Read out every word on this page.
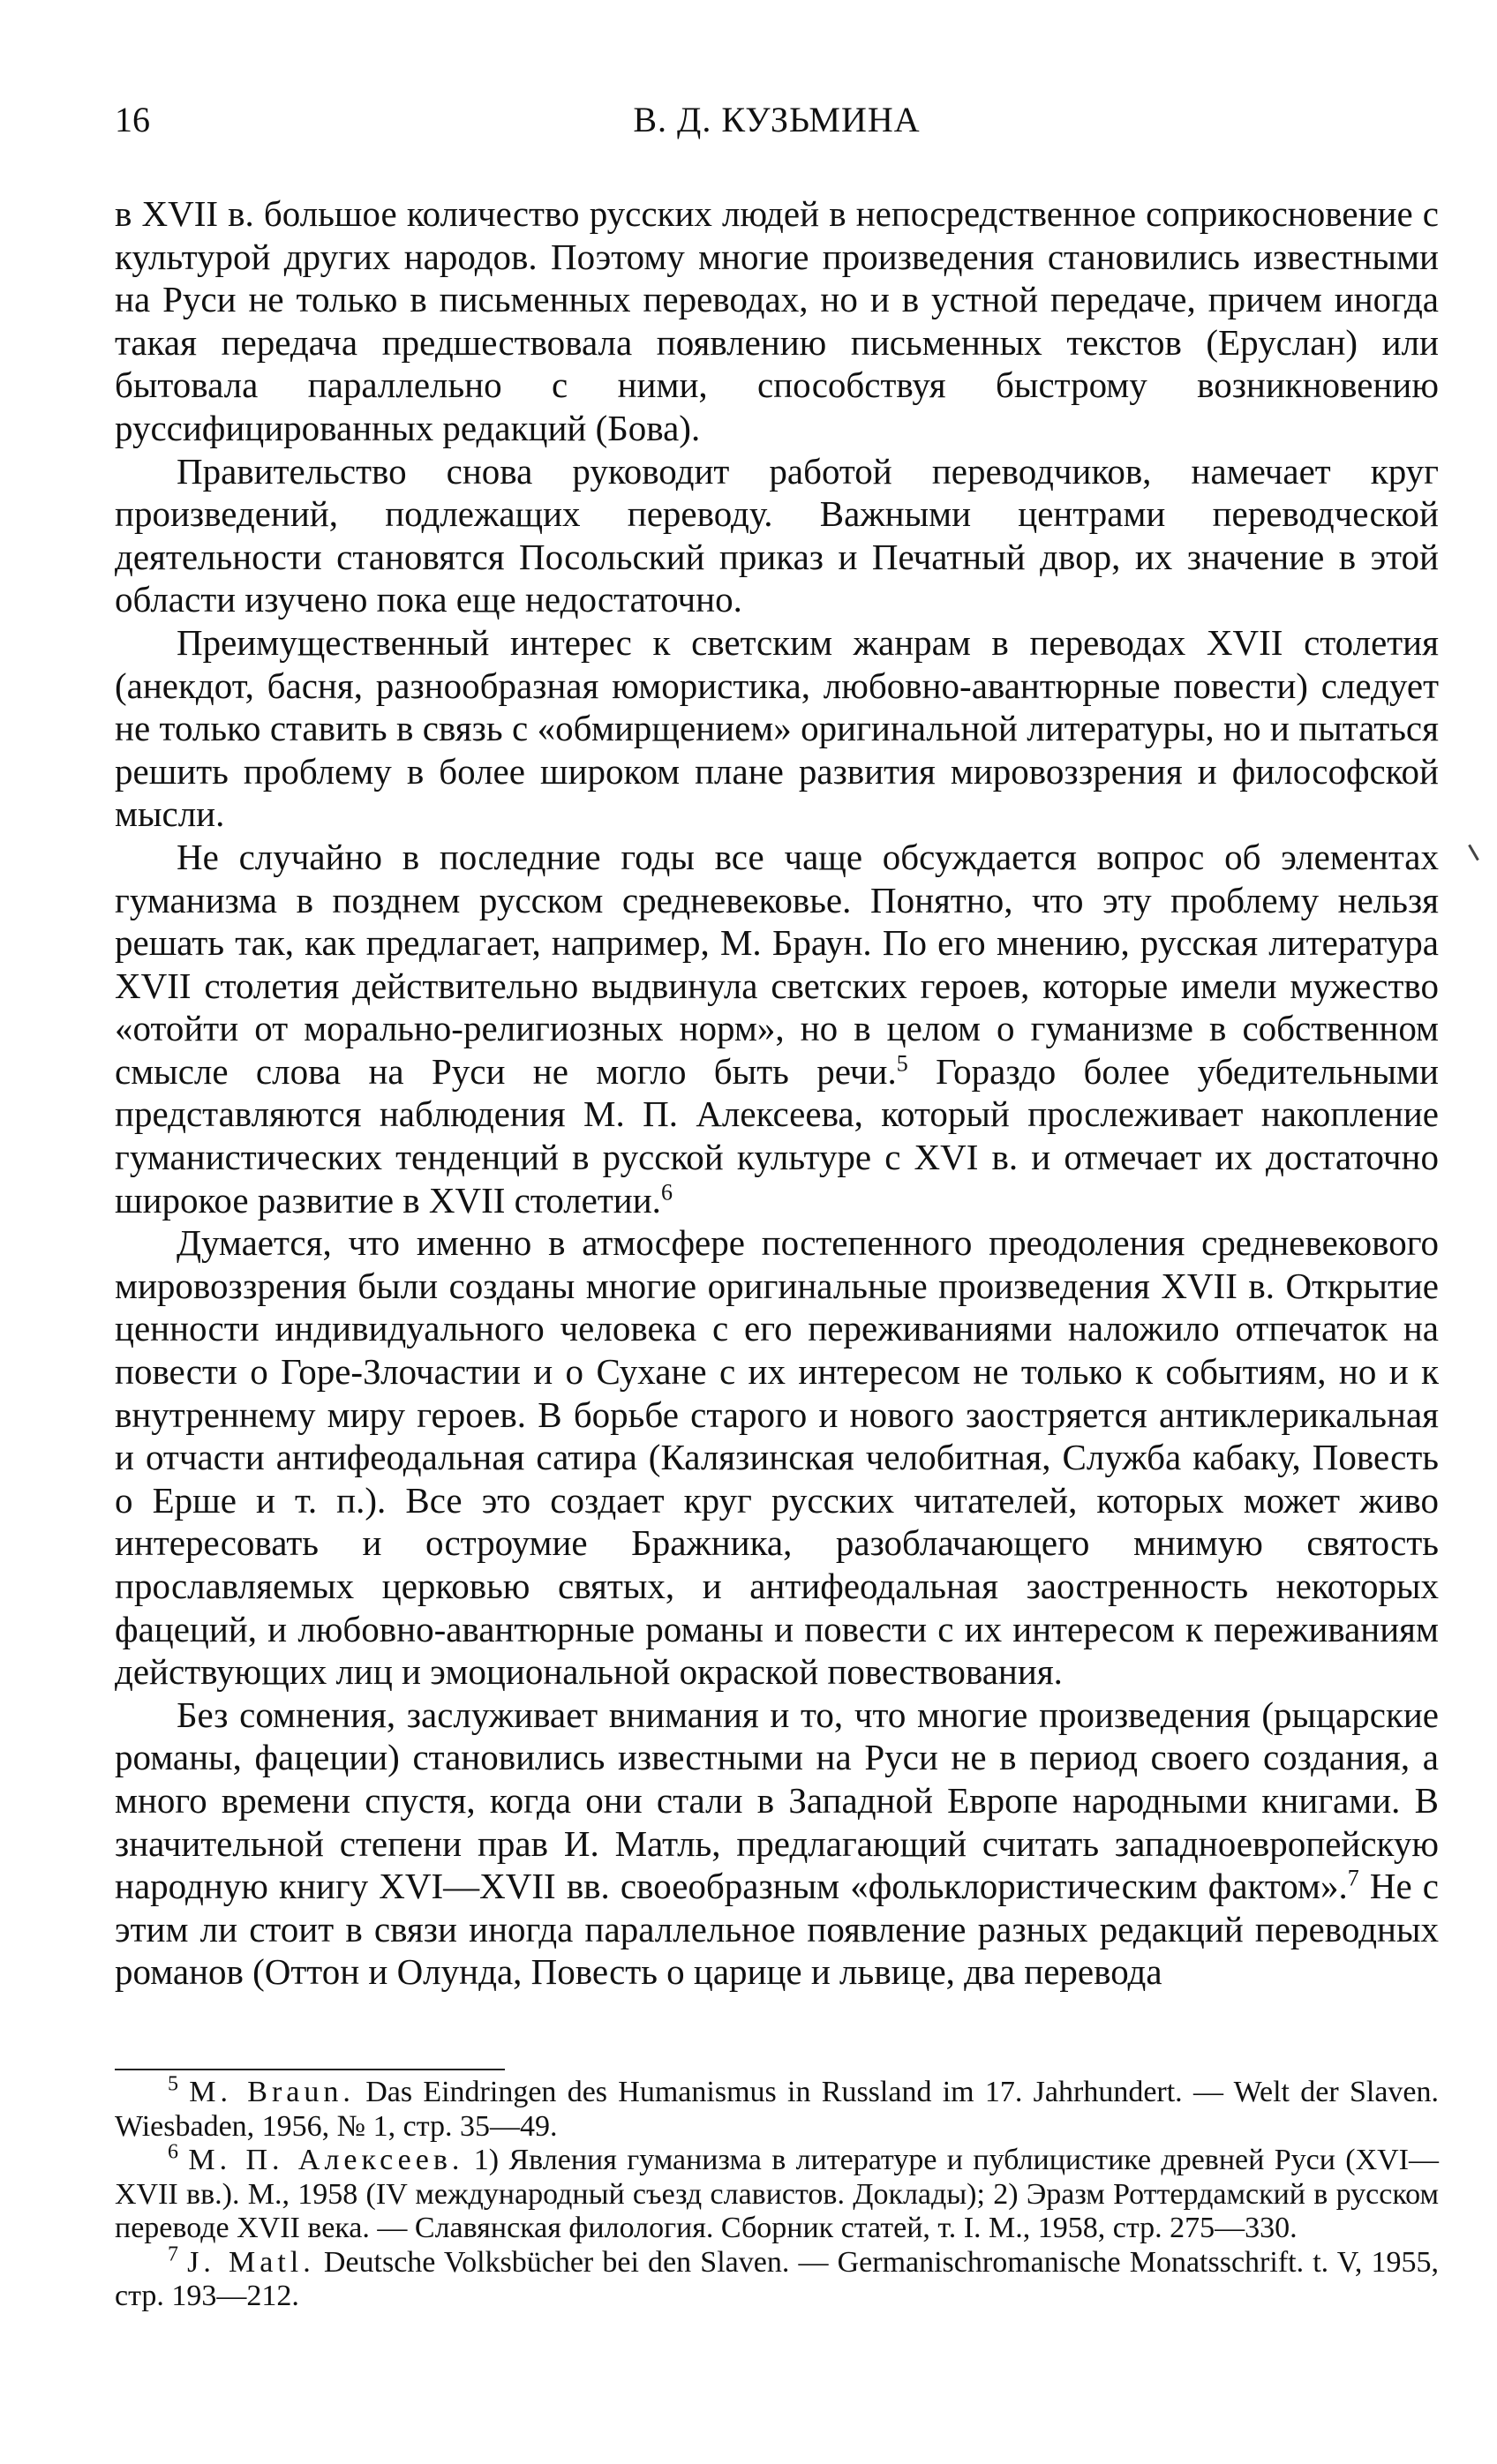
16	В. Д. КУЗЬМИНА

в XVII в. большое количество русских людей в непосредственное соприкосновение с культурой других народов. Поэтому многие произведения становились известными на Руси не только в письменных переводах, но и в устной передаче, причем иногда такая передача предшествовала появлению письменных текстов (Еруслан) или бытовала параллельно с ними, способствуя быстрому возникновению руссифицированных редакций (Бова).

Правительство снова руководит работой переводчиков, намечает круг произведений, подлежащих переводу. Важными центрами переводческой деятельности становятся Посольский приказ и Печатный двор, их значение в этой области изучено пока еще недостаточно.

Преимущественный интерес к светским жанрам в переводах XVII столетия (анекдот, басня, разнообразная юмористика, любовно-авантюрные повести) следует не только ставить в связь с «обмирщением» оригинальной литературы, но и пытаться решить проблему в более широком плане развития мировоззрения и философской мысли.

Не случайно в последние годы все чаще обсуждается вопрос об элементах гуманизма в позднем русском средневековье. Понятно, что эту проблему нельзя решать так, как предлагает, например, М. Браун. По его мнению, русская литература XVII столетия действительно выдвинула светских героев, которые имели мужество «отойти от морально-религиозных норм», но в целом о гуманизме в собственном смысле слова на Руси не могло быть речи.$^5$ Гораздо более убедительными представляются наблюдения М. П. Алексеева, который прослеживает накопление гуманистических тенденций в русской культуре с XVI в. и отмечает их достаточно широкое развитие в XVII столетии.$^6$

Думается, что именно в атмосфере постепенного преодоления средневекового мировоззрения были созданы многие оригинальные произведения XVII в. Открытие ценности индивидуального человека с его переживаниями наложило отпечаток на повести о Горе-Злочастии и о Сухане с их интересом не только к событиям, но и к внутреннему миру героев. В борьбе старого и нового заостряется антиклерикальная и отчасти антифеодальная сатира (Калязинская челобитная, Служба кабаку, Повесть о Ерше и т. п.). Все это создает круг русских читателей, которых может живо интересовать и остроумие Бражника, разоблачающего мнимую святость прославляемых церковью святых, и антифеодальная заостренность некоторых фацеций, и любовно-авантюрные романы и повести с их интересом к переживаниям действующих лиц и эмоциональной окраской повествования.

Без сомнения, заслуживает внимания и то, что многие произведения (рыцарские романы, фацеции) становились известными на Руси не в период своего создания, а много времени спустя, когда они стали в Западной Европе народными книгами. В значительной степени прав И. Матль, предлагающий считать западноевропейскую народную книгу XVI—XVII вв. своеобразным «фольклористическим фактом».$^7$ Не с этим ли стоит в связи иногда параллельное появление разных редакций переводных романов (Оттон и Олунда, Повесть о царице и львице, два перевода

$^5$ M. Braun. Das Eindringen des Humanismus in Russland im 17. Jahrhundert. — Welt der Slaven. Wiesbaden, 1956, № 1, стр. 35—49.

$^6$ М. П. Алексеев. 1) Явления гуманизма в литературе и публицистике древней Руси (XVI—XVII вв.). М., 1958 (IV международный съезд славистов. Доклады); 2) Эразм Роттердамский в русском переводе XVII века. — Славянская филология. Сборник статей, т. I. М., 1958, стр. 275—330.

$^7$ J. Matl. Deutsche Volksbücher bei den Slaven. — Germanischromanische Monatsschrift. t. V, 1955, стр. 193—212.
